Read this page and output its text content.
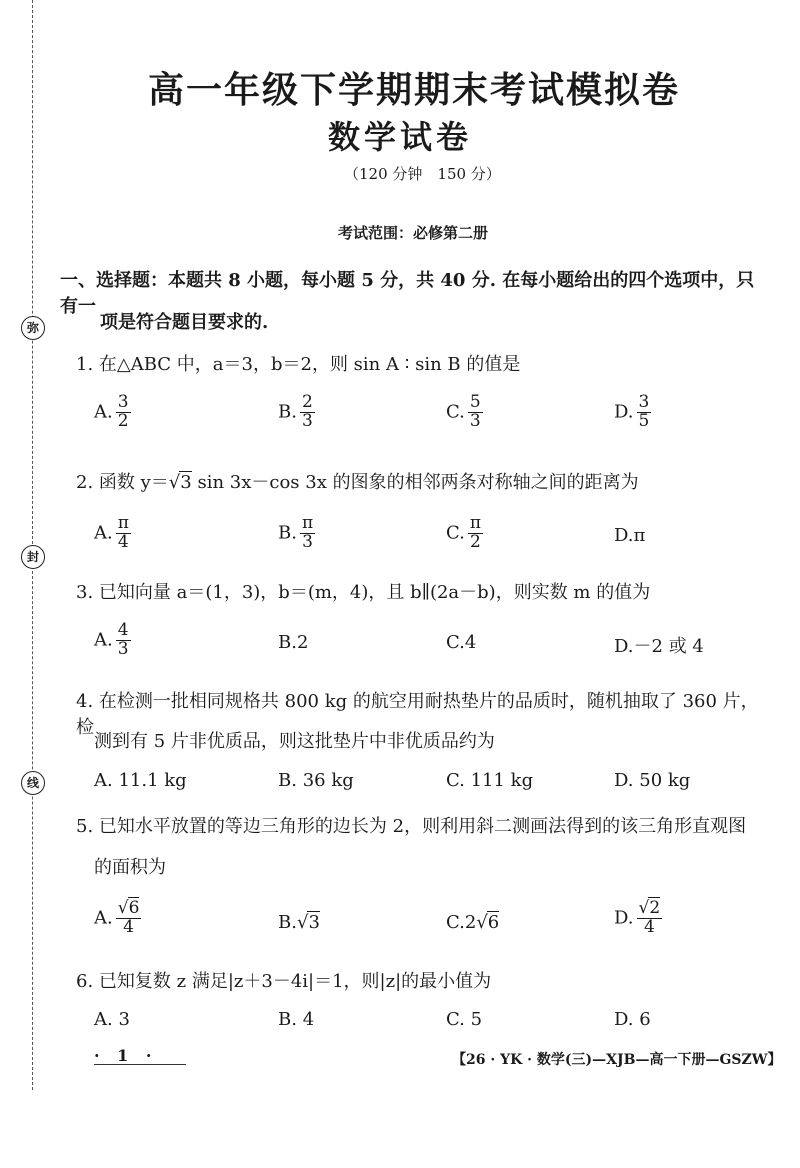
弥
封
线
高一年级下学期期末考试模拟卷
数学试卷
（120 分钟　150 分）
考试范围：必修第二册
一、选择题：本题共 8 小题，每小题 5 分，共 40 分. 在每小题给出的四个选项中，只有一
项是符合题目要求的.
1. 在△ABC 中，a＝3，b＝2，则 sin A ∶ sin B 的值是
A. $\frac{3}{2}$	B. $\frac{2}{3}$	C. $\frac{5}{3}$	D. $\frac{3}{5}$
2. 函数 y＝√3 sin 3x－cos 3x 的图象的相邻两条对称轴之间的距离为
A. $\frac{\pi}{4}$	B. $\frac{\pi}{3}$	C. $\frac{\pi}{2}$	D.π
3. 已知向量 a＝(1，3)，b＝(m，4)，且 b∥(2a－b)，则实数 m 的值为
A. $\frac{4}{3}$	B.2	C.4	D.－2 或 4
4. 在检测一批相同规格共 800 kg 的航空用耐热垫片的品质时，随机抽取了 360 片，检
测到有 5 片非优质品，则这批垫片中非优质品约为
A. 11.1 kg	B. 36 kg	C. 111 kg	D. 50 kg
5. 已知水平放置的等边三角形的边长为 2，则利用斜二测画法得到的该三角形直观图
的面积为
A. $\frac{√6}{4}$	B.√3	C.2√6	D. $\frac{√2}{4}$
6. 已知复数 z 满足|z＋3－4i|＝1，则|z|的最小值为
A. 3	B. 4	C. 5	D. 6
· 1 ·	【26 · YK · 数学(三)—XJB—高一下册—GSZW】
